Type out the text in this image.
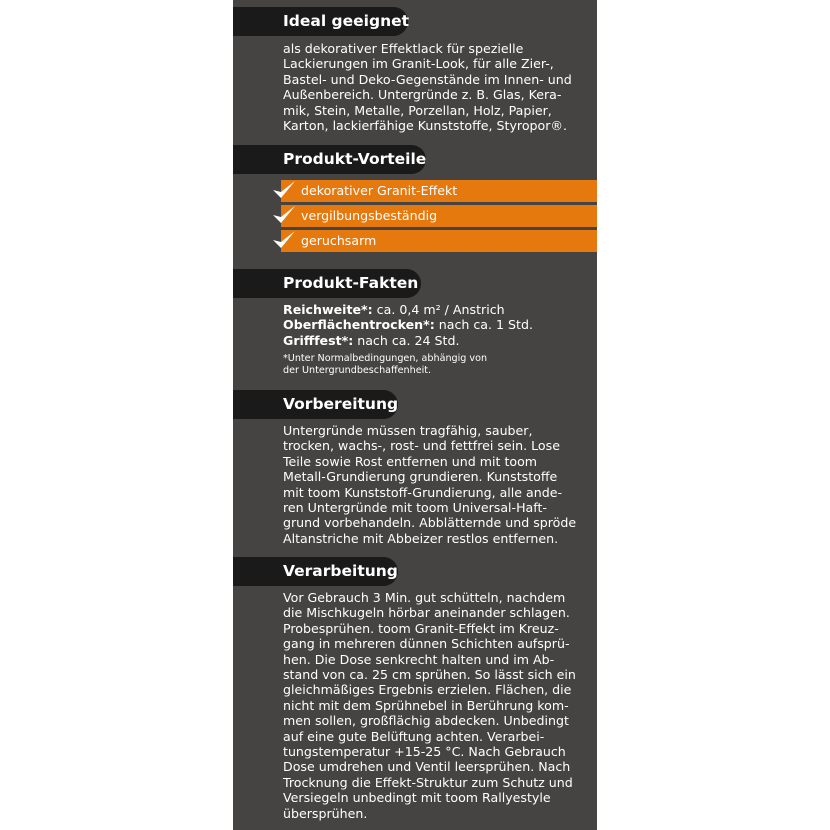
Ideal geeignet

als dekorativer Effektlack für spezielle

Lackierungen im Granit-Look, für alle Zier-,

Bastel- und Deko-Gegenstände im Innen- und

Außenbereich. Untergründe z. B. Glas, Kera-

mik, Stein, Metalle, Porzellan, Holz, Papier,

Karton, lackierfähige Kunststoffe, Styropor®.

Produkt-Vorteile
dekorativer Granit-Effekt
vergilbungsbeständig
geruchsarm
Produkt-Fakten

Reichweite*: ca. 0,4 m² / Anstrich

Oberflächentrocken*: nach ca. 1 Std.

Grifffest*: nach ca. 24 Std.

*Unter Normalbedingungen, abhängig von

der Untergrundbeschaffenheit.

Vorbereitung

Untergründe müssen tragfähig, sauber,

trocken, wachs-, rost- und fettfrei sein. Lose

Teile sowie Rost entfernen und mit toom

Metall-Grundierung grundieren. Kunststoffe

mit toom Kunststoff-Grundierung, alle ande-

ren Untergründe mit toom Universal-Haft-

grund vorbehandeln. Abblätternde und spröde

Altanstriche mit Abbeizer restlos entfernen.

Verarbeitung

Vor Gebrauch 3 Min. gut schütteln, nachdem

die Mischkugeln hörbar aneinander schlagen.

Probesprühen. toom Granit-Effekt im Kreuz-

gang in mehreren dünnen Schichten aufsprü-

hen. Die Dose senkrecht halten und im Ab-

stand von ca. 25 cm sprühen. So lässt sich ein

gleichmäßiges Ergebnis erzielen. Flächen, die

nicht mit dem Sprühnebel in Berührung kom-

men sollen, großflächig abdecken. Unbedingt

auf eine gute Belüftung achten. Verarbei-

tungstemperatur +15-25 °C. Nach Gebrauch

Dose umdrehen und Ventil leersprühen. Nach

Trocknung die Effekt-Struktur zum Schutz und

Versiegeln unbedingt mit toom Rallyestyle

übersprühen.
